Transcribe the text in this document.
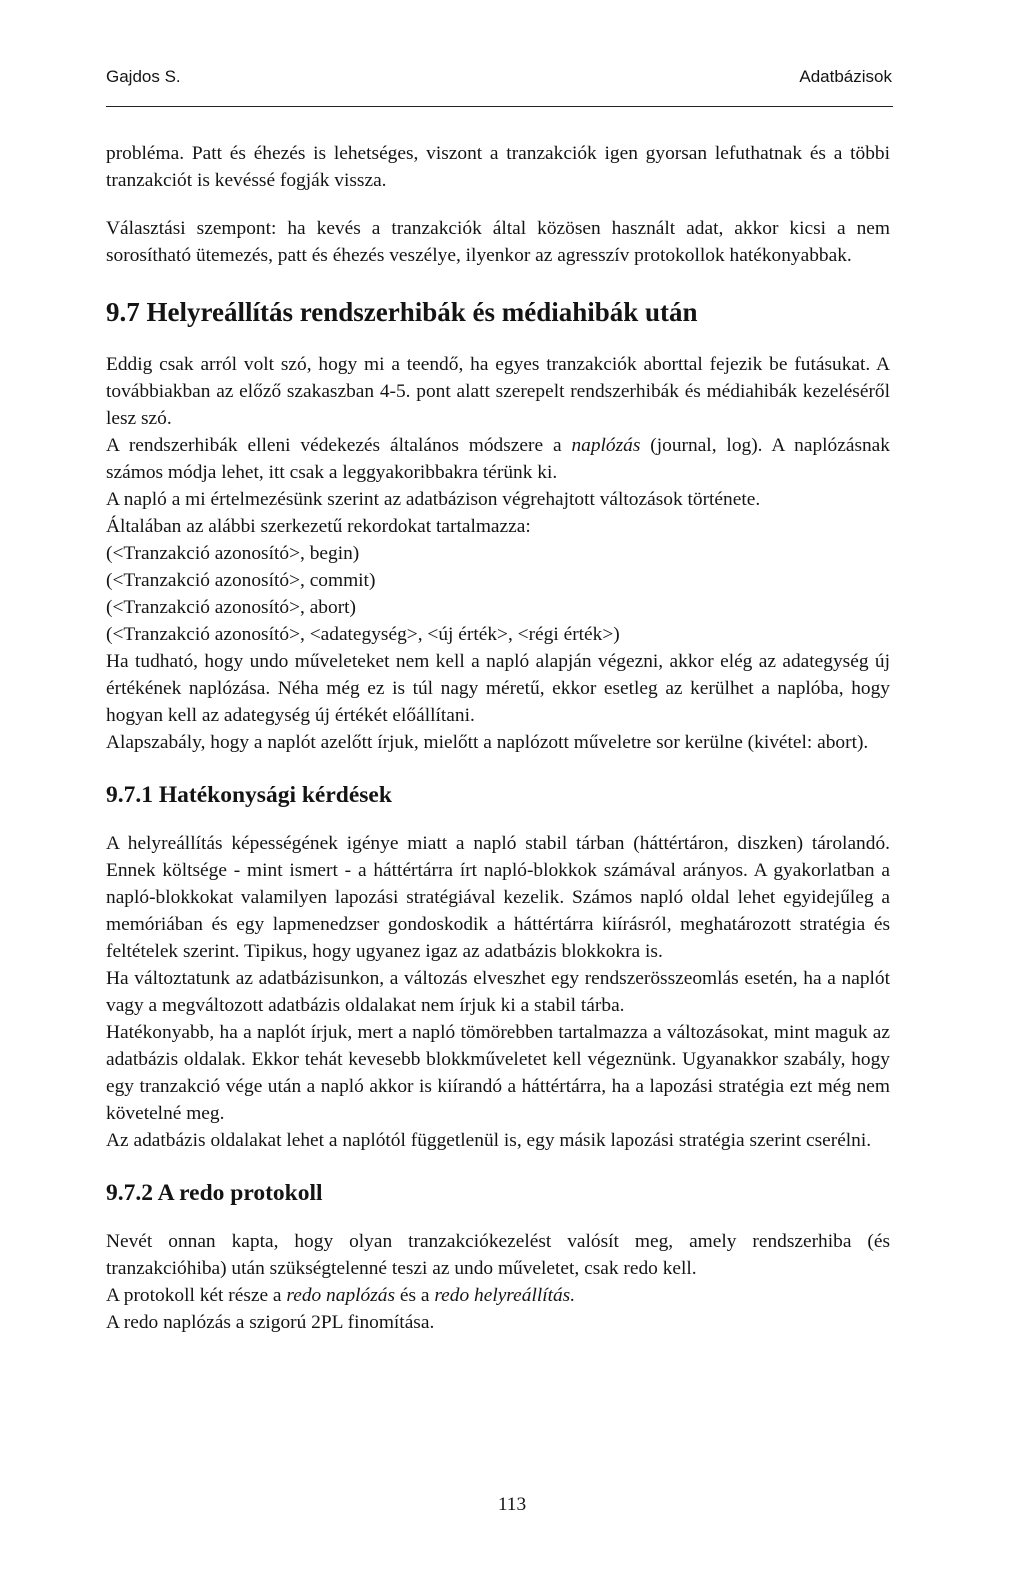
Gajdos S.	Adatbázisok

probléma. Patt és éhezés is lehetséges, viszont a tranzakciók igen gyorsan lefuthatnak és a többi tranzakciót is kevéssé fogják vissza.

Választási szempont: ha kevés a tranzakciók által közösen használt adat, akkor kicsi a nem sorosítható ütemezés, patt és éhezés veszélye, ilyenkor az agresszív protokollok hatékonyabbak.

9.7 Helyreállítás rendszerhibák és médiahibák után

Eddig csak arról volt szó, hogy mi a teendő, ha egyes tranzakciók aborttal fejezik be futásukat. A továbbiakban az előző szakaszban 4-5. pont alatt szerepelt rendszerhibák és médiahibák kezeléséről lesz szó.

A rendszerhibák elleni védekezés általános módszere a naplózás (journal, log). A naplózásnak számos módja lehet, itt csak a leggyakoribbakra térünk ki.

A napló a mi értelmezésünk szerint az adatbázison végrehajtott változások története.

Általában az alábbi szerkezetű rekordokat tartalmazza:

(<Tranzakció azonosító>, begin)

(<Tranzakció azonosító>, commit)

(<Tranzakció azonosító>, abort)

(<Tranzakció azonosító>, <adategység>, <új érték>, <régi érték>)

Ha tudható, hogy undo műveleteket nem kell a napló alapján végezni, akkor elég az adategység új értékének naplózása. Néha még ez is túl nagy méretű, ekkor esetleg az kerülhet a naplóba, hogy hogyan kell az adategység új értékét előállítani.

Alapszabály, hogy a naplót azelőtt írjuk, mielőtt a naplózott műveletre sor kerülne (kivétel: abort).

9.7.1 Hatékonysági kérdések

A helyreállítás képességének igénye miatt a napló stabil tárban (háttértáron, diszken) tárolandó. Ennek költsége - mint ismert - a háttértárra írt napló-blokkok számával arányos. A gyakorlatban a napló-blokkokat valamilyen lapozási stratégiával kezelik. Számos napló oldal lehet egyidejűleg a memóriában és egy lapmenedzser gondoskodik a háttértárra kiírásról, meghatározott stratégia és feltételek szerint. Tipikus, hogy ugyanez igaz az adatbázis blokkokra is.

Ha változtatunk az adatbázisunkon, a változás elveszhet egy rendszerösszeomlás esetén, ha a naplót vagy a megváltozott adatbázis oldalakat nem írjuk ki a stabil tárba.

Hatékonyabb, ha a naplót írjuk, mert a napló tömörebben tartalmazza a változásokat, mint maguk az adatbázis oldalak. Ekkor tehát kevesebb blokkműveletet kell végeznünk. Ugyanakkor szabály, hogy egy tranzakció vége után a napló akkor is kiírandó a háttértárra, ha a lapozási stratégia ezt még nem követelné meg.

Az adatbázis oldalakat lehet a naplótól függetlenül is, egy másik lapozási stratégia szerint cserélni.

9.7.2 A redo protokoll

Nevét onnan kapta, hogy olyan tranzakciókezelést valósít meg, amely rendszerhiba (és tranzakcióhiba) után szükségtelenné teszi az undo műveletet, csak redo kell.

A protokoll két része a redo naplózás és a redo helyreállítás.

A redo naplózás a szigorú 2PL finomítása.

113
